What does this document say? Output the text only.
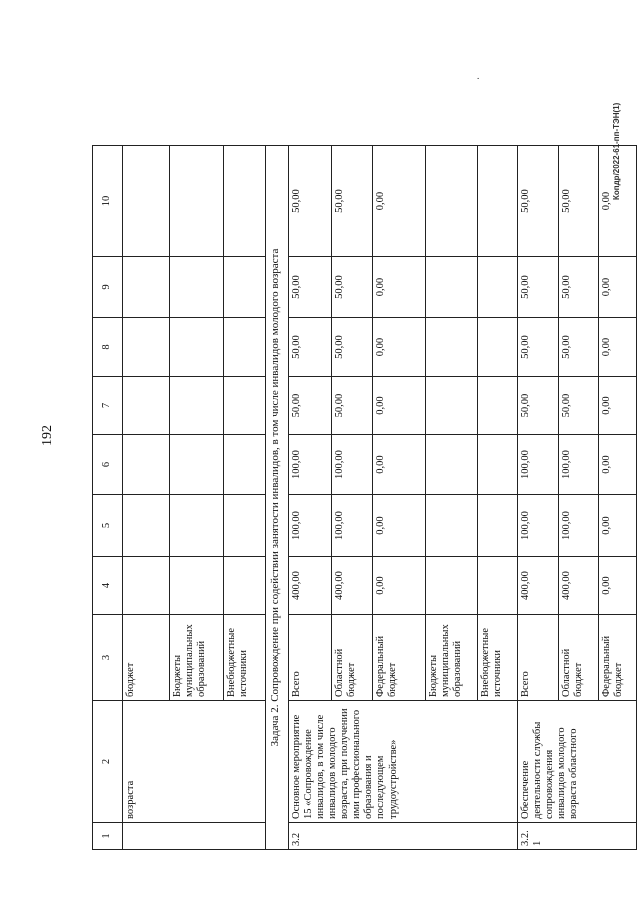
192
Копдр/2022-61-пп-ТЭН(1)
.
1	2	3	4	5	6	7	8	9	10
	возраста	бюджет							
		Бюджеты муниципальных образований							
		Внебюджетные источники							
Задача 2. Сопровождение при содействии занятости инвалидов, в том числе инвалидов молодого возраста									
3.2	Основное мероприятие 15 «Сопровождение инвалидов, в том числе инвалидов молодого возраста, при получении ими профессионального образования и последующем трудоустройстве»	Всего	400,00	100,00	100,00	50,00	50,00	50,00	50,00
		Областной бюджет	400,00	100,00	100,00	50,00	50,00	50,00	50,00
		Федеральный бюджет	0,00	0,00	0,00	0,00	0,00	0,00	0,00
		Бюджеты муниципальных образований							
		Внебюджетные источники							
3.2.1	Обеспечение деятельности службы сопровождения инвалидов молодого возраста областного	Всего	400,00	100,00	100,00	50,00	50,00	50,00	50,00
		Областной бюджет	400,00	100,00	100,00	50,00	50,00	50,00	50,00
		Федеральный бюджет	0,00	0,00	0,00	0,00	0,00	0,00	0,00
